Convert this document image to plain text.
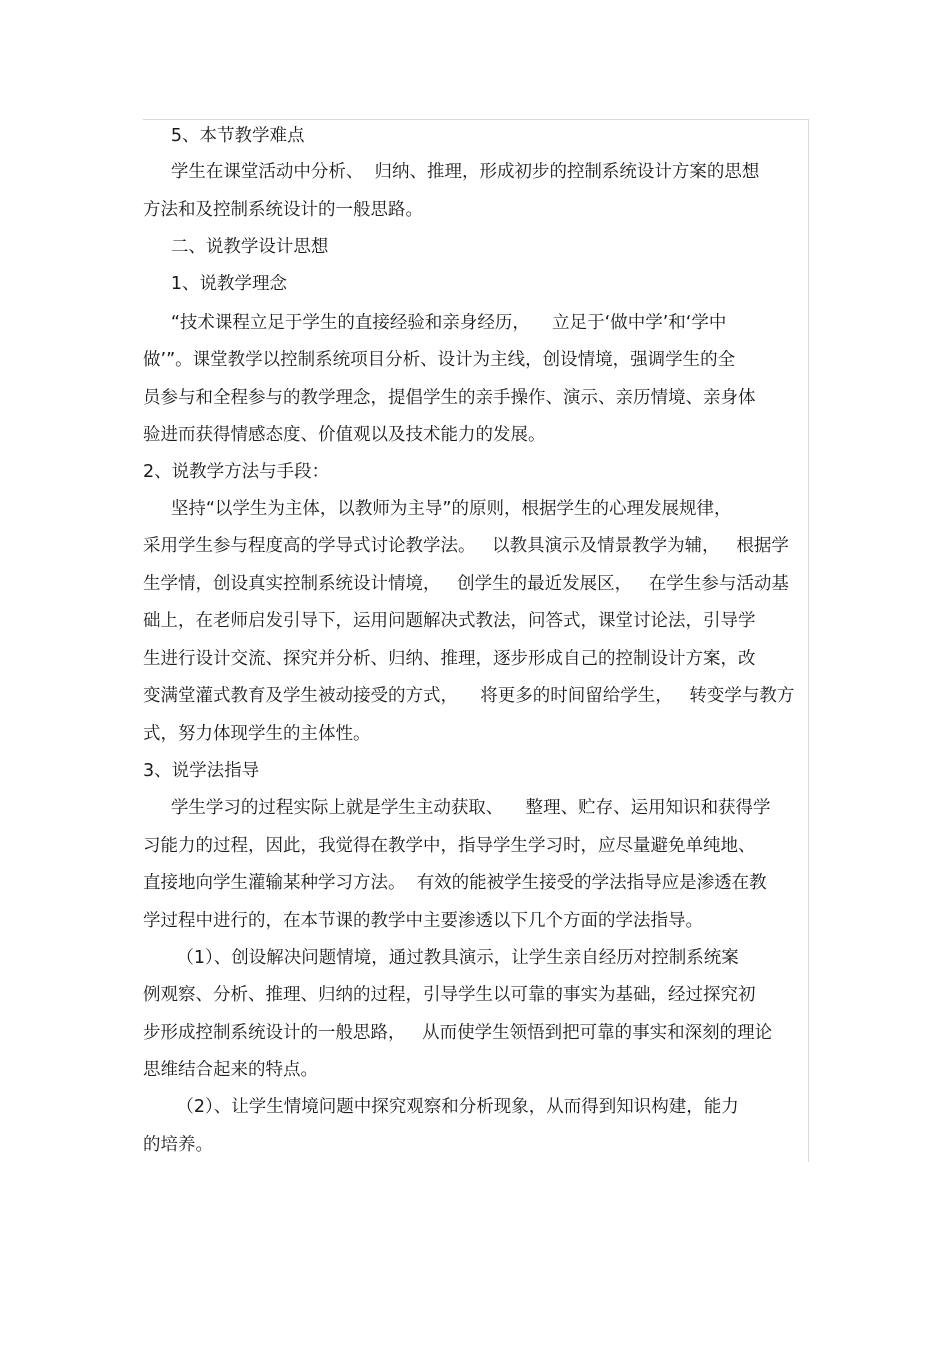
5、本节教学难点

学生在课堂活动中分析、  归纳、推理，形成初步的控制系统设计方案的思想

方法和及控制系统设计的一般思路。

二、说教学设计思想

1、说教学理念

“技术课程立足于学生的直接经验和亲身经历，    立足于‘做中学’和‘学中

做’”。课堂教学以控制系统项目分析、设计为主线，创设情境，强调学生的全

员参与和全程参与的教学理念，提倡学生的亲手操作、演示、亲历情境、亲身体

验进而获得情感态度、价值观以及技术能力的发展。

2、说教学方法与手段：

坚持“以学生为主体，以教师为主导”的原则，根据学生的心理发展规律，

采用学生参与程度高的学导式讨论教学法。   以教具演示及情景教学为辅，   根据学

生学情，创设真实控制系统设计情境，   创学生的最近发展区，   在学生参与活动基

础上，在老师启发引导下，运用问题解决式教法，问答式，课堂讨论法，引导学

生进行设计交流、探究并分析、归纳、推理，逐步形成自己的控制设计方案，改

变满堂灌式教育及学生被动接受的方式，    将更多的时间留给学生，   转变学与教方

式，努力体现学生的主体性。

3、说学法指导

学生学习的过程实际上就是学生主动获取、    整理、贮存、运用知识和获得学

习能力的过程，因此，我觉得在教学中，指导学生学习时，应尽量避免单纯地、

直接地向学生灌输某种学习方法。  有效的能被学生接受的学法指导应是渗透在教

学过程中进行的，在本节课的教学中主要渗透以下几个方面的学法指导。

（1）、创设解决问题情境，通过教具演示，让学生亲自经历对控制系统案

例观察、分析、推理、归纳的过程，引导学生以可靠的事实为基础，经过探究初

步形成控制系统设计的一般思路，   从而使学生领悟到把可靠的事实和深刻的理论

思维结合起来的特点。

（2）、让学生情境问题中探究观察和分析现象，从而得到知识构建，能力

的培养。
